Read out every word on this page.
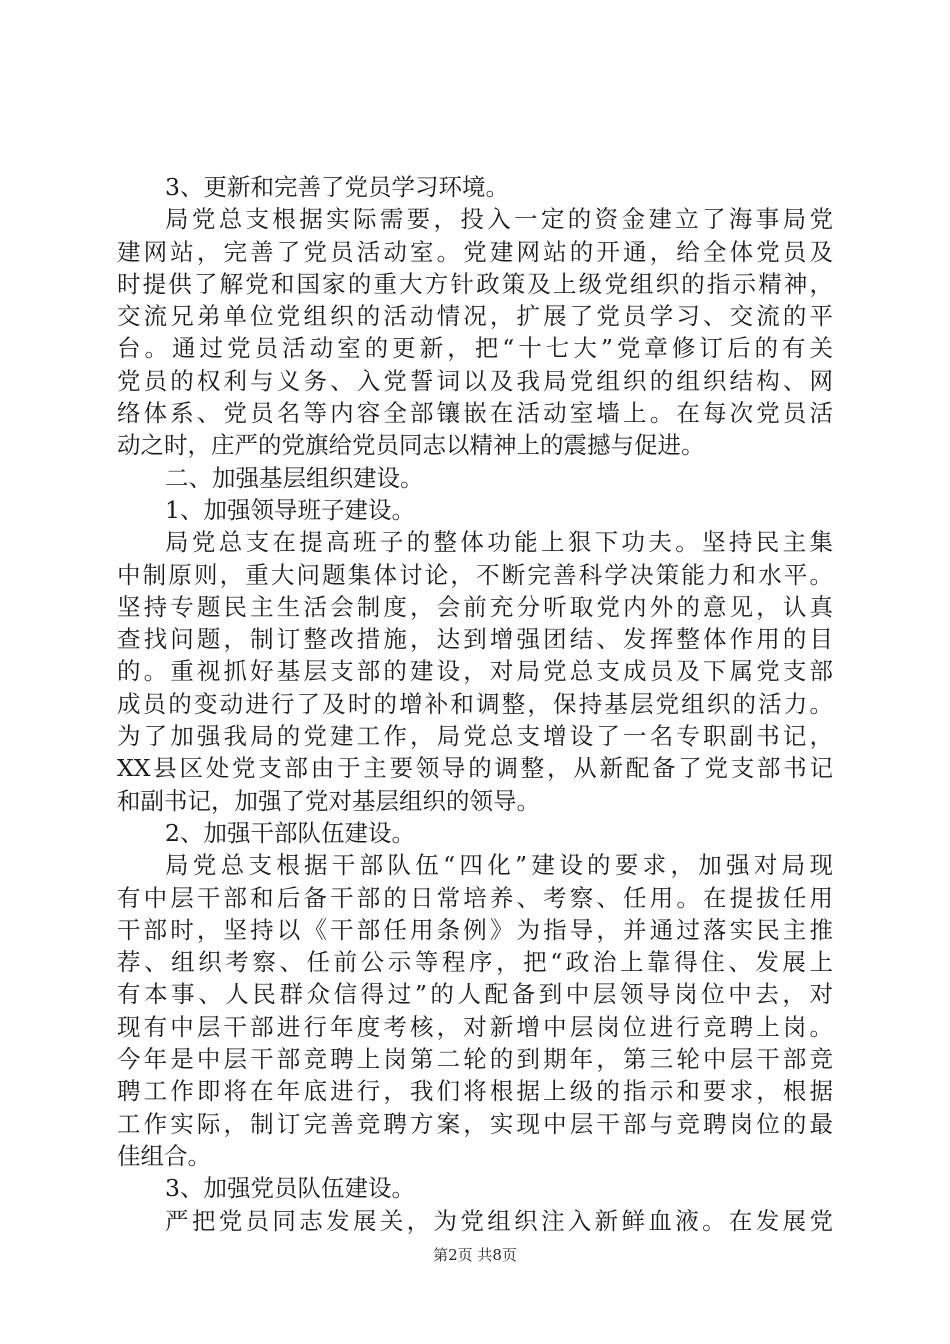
3、更新和完善了党员学习环境。
局党总支根据实际需要，投入一定的资金建立了海事局党
建网站，完善了党员活动室。党建网站的开通，给全体党员及
时提供了解党和国家的重大方针政策及上级党组织的指示精神，
交流兄弟单位党组织的活动情况，扩展了党员学习、交流的平
台。通过党员活动室的更新，把“十七大”党章修订后的有关
党员的权利与义务、入党誓词以及我局党组织的组织结构、网
络体系、党员名等内容全部镶嵌在活动室墙上。在每次党员活
动之时，庄严的党旗给党员同志以精神上的震撼与促进。
二、加强基层组织建设。
1、加强领导班子建设。
局党总支在提高班子的整体功能上狠下功夫。坚持民主集
中制原则，重大问题集体讨论，不断完善科学决策能力和水平。
坚持专题民主生活会制度，会前充分听取党内外的意见，认真
查找问题，制订整改措施，达到增强团结、发挥整体作用的目
的。重视抓好基层支部的建设，对局党总支成员及下属党支部
成员的变动进行了及时的增补和调整，保持基层党组织的活力。
为了加强我局的党建工作，局党总支增设了一名专职副书记，
XX县区处党支部由于主要领导的调整，从新配备了党支部书记
和副书记，加强了党对基层组织的领导。
2、加强干部队伍建设。
局党总支根据干部队伍“四化”建设的要求，加强对局现
有中层干部和后备干部的日常培养、考察、任用。在提拔任用
干部时，坚持以《干部任用条例》为指导，并通过落实民主推
荐、组织考察、任前公示等程序，把“政治上靠得住、发展上
有本事、人民群众信得过”的人配备到中层领导岗位中去，对
现有中层干部进行年度考核，对新增中层岗位进行竞聘上岗。
今年是中层干部竞聘上岗第二轮的到期年，第三轮中层干部竞
聘工作即将在年底进行，我们将根据上级的指示和要求，根据
工作实际，制订完善竞聘方案，实现中层干部与竞聘岗位的最
佳组合。
3、加强党员队伍建设。
严把党员同志发展关，为党组织注入新鲜血液。在发展党
第2页 共8页
